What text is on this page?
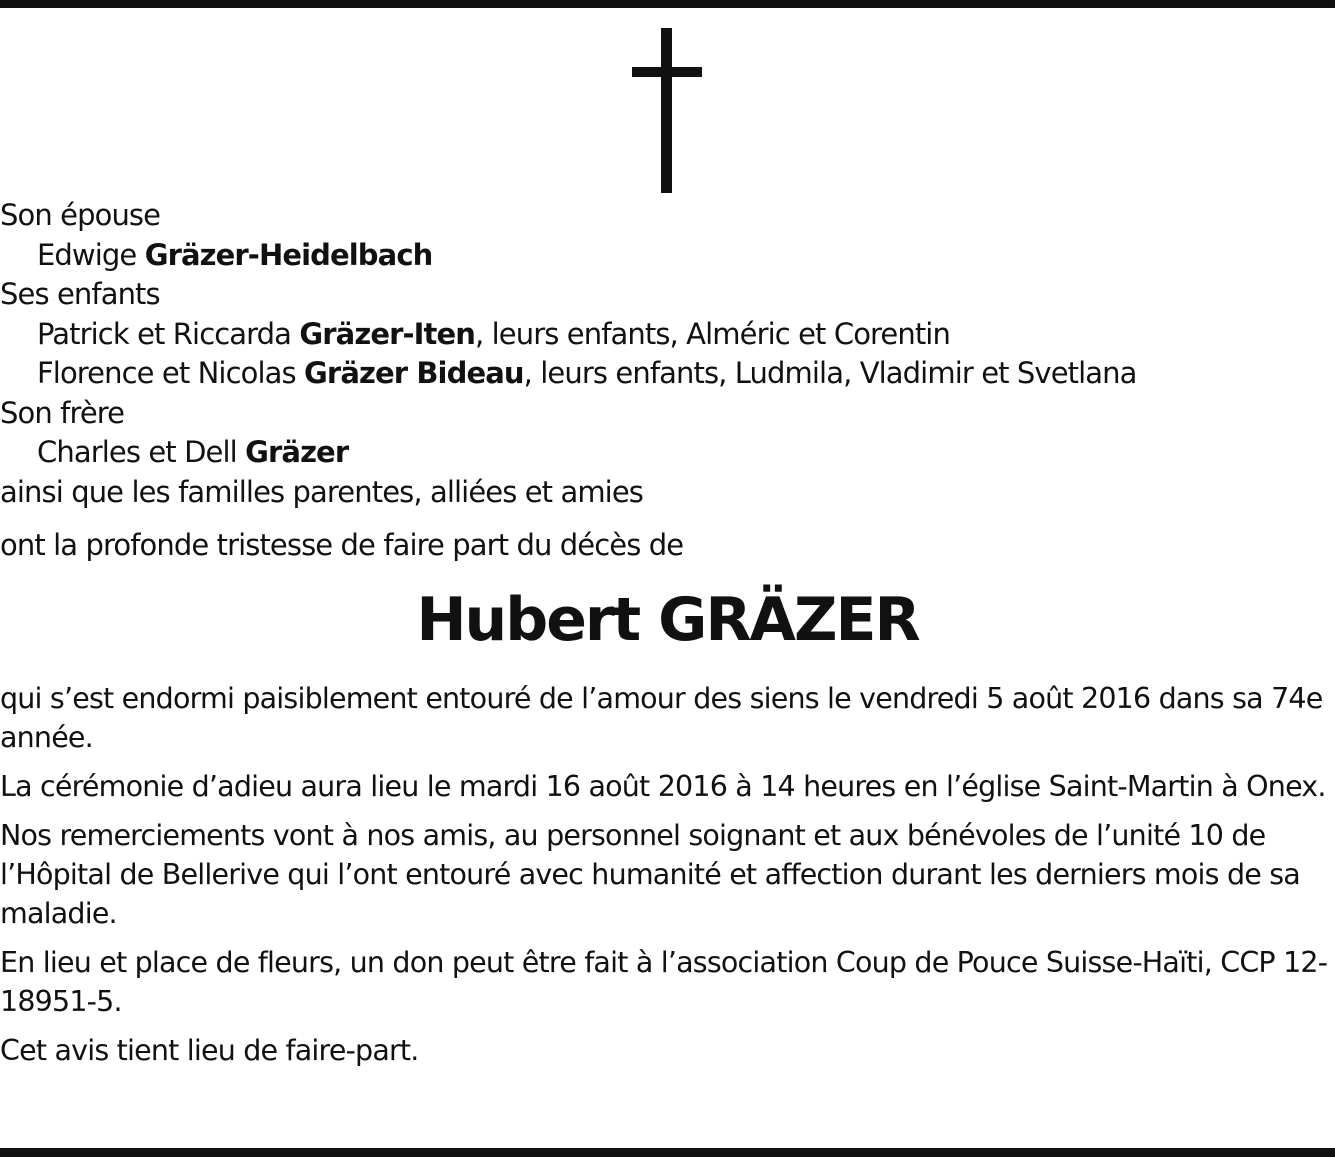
Son épouse
Edwige Gräzer-Heidelbach
Ses enfants
Patrick et Riccarda Gräzer-Iten, leurs enfants, Alméric et Corentin
Florence et Nicolas Gräzer Bideau, leurs enfants, Ludmila, Vladimir et Svetlana
Son frère
Charles et Dell Gräzer
ainsi que les familles parentes, alliées et amies
ont la profonde tristesse de faire part du décès de
Hubert GRÄZER

qui s’est endormi paisiblement entouré de l’amour des siens le vendredi 5 août 2016 dans sa 74e année.

La cérémonie d’adieu aura lieu le mardi 16 août 2016 à 14 heures en l’église Saint-Martin à Onex.

Nos remerciements vont à nos amis, au personnel soignant et aux bénévoles de l’unité 10 de l’Hôpital de Bellerive qui l’ont entouré avec humanité et affection durant les derniers mois de sa maladie.

En lieu et place de fleurs, un don peut être fait à l’association Coup de Pouce Suisse-Haïti, CCP 12-18951-5.

Cet avis tient lieu de faire-part.
